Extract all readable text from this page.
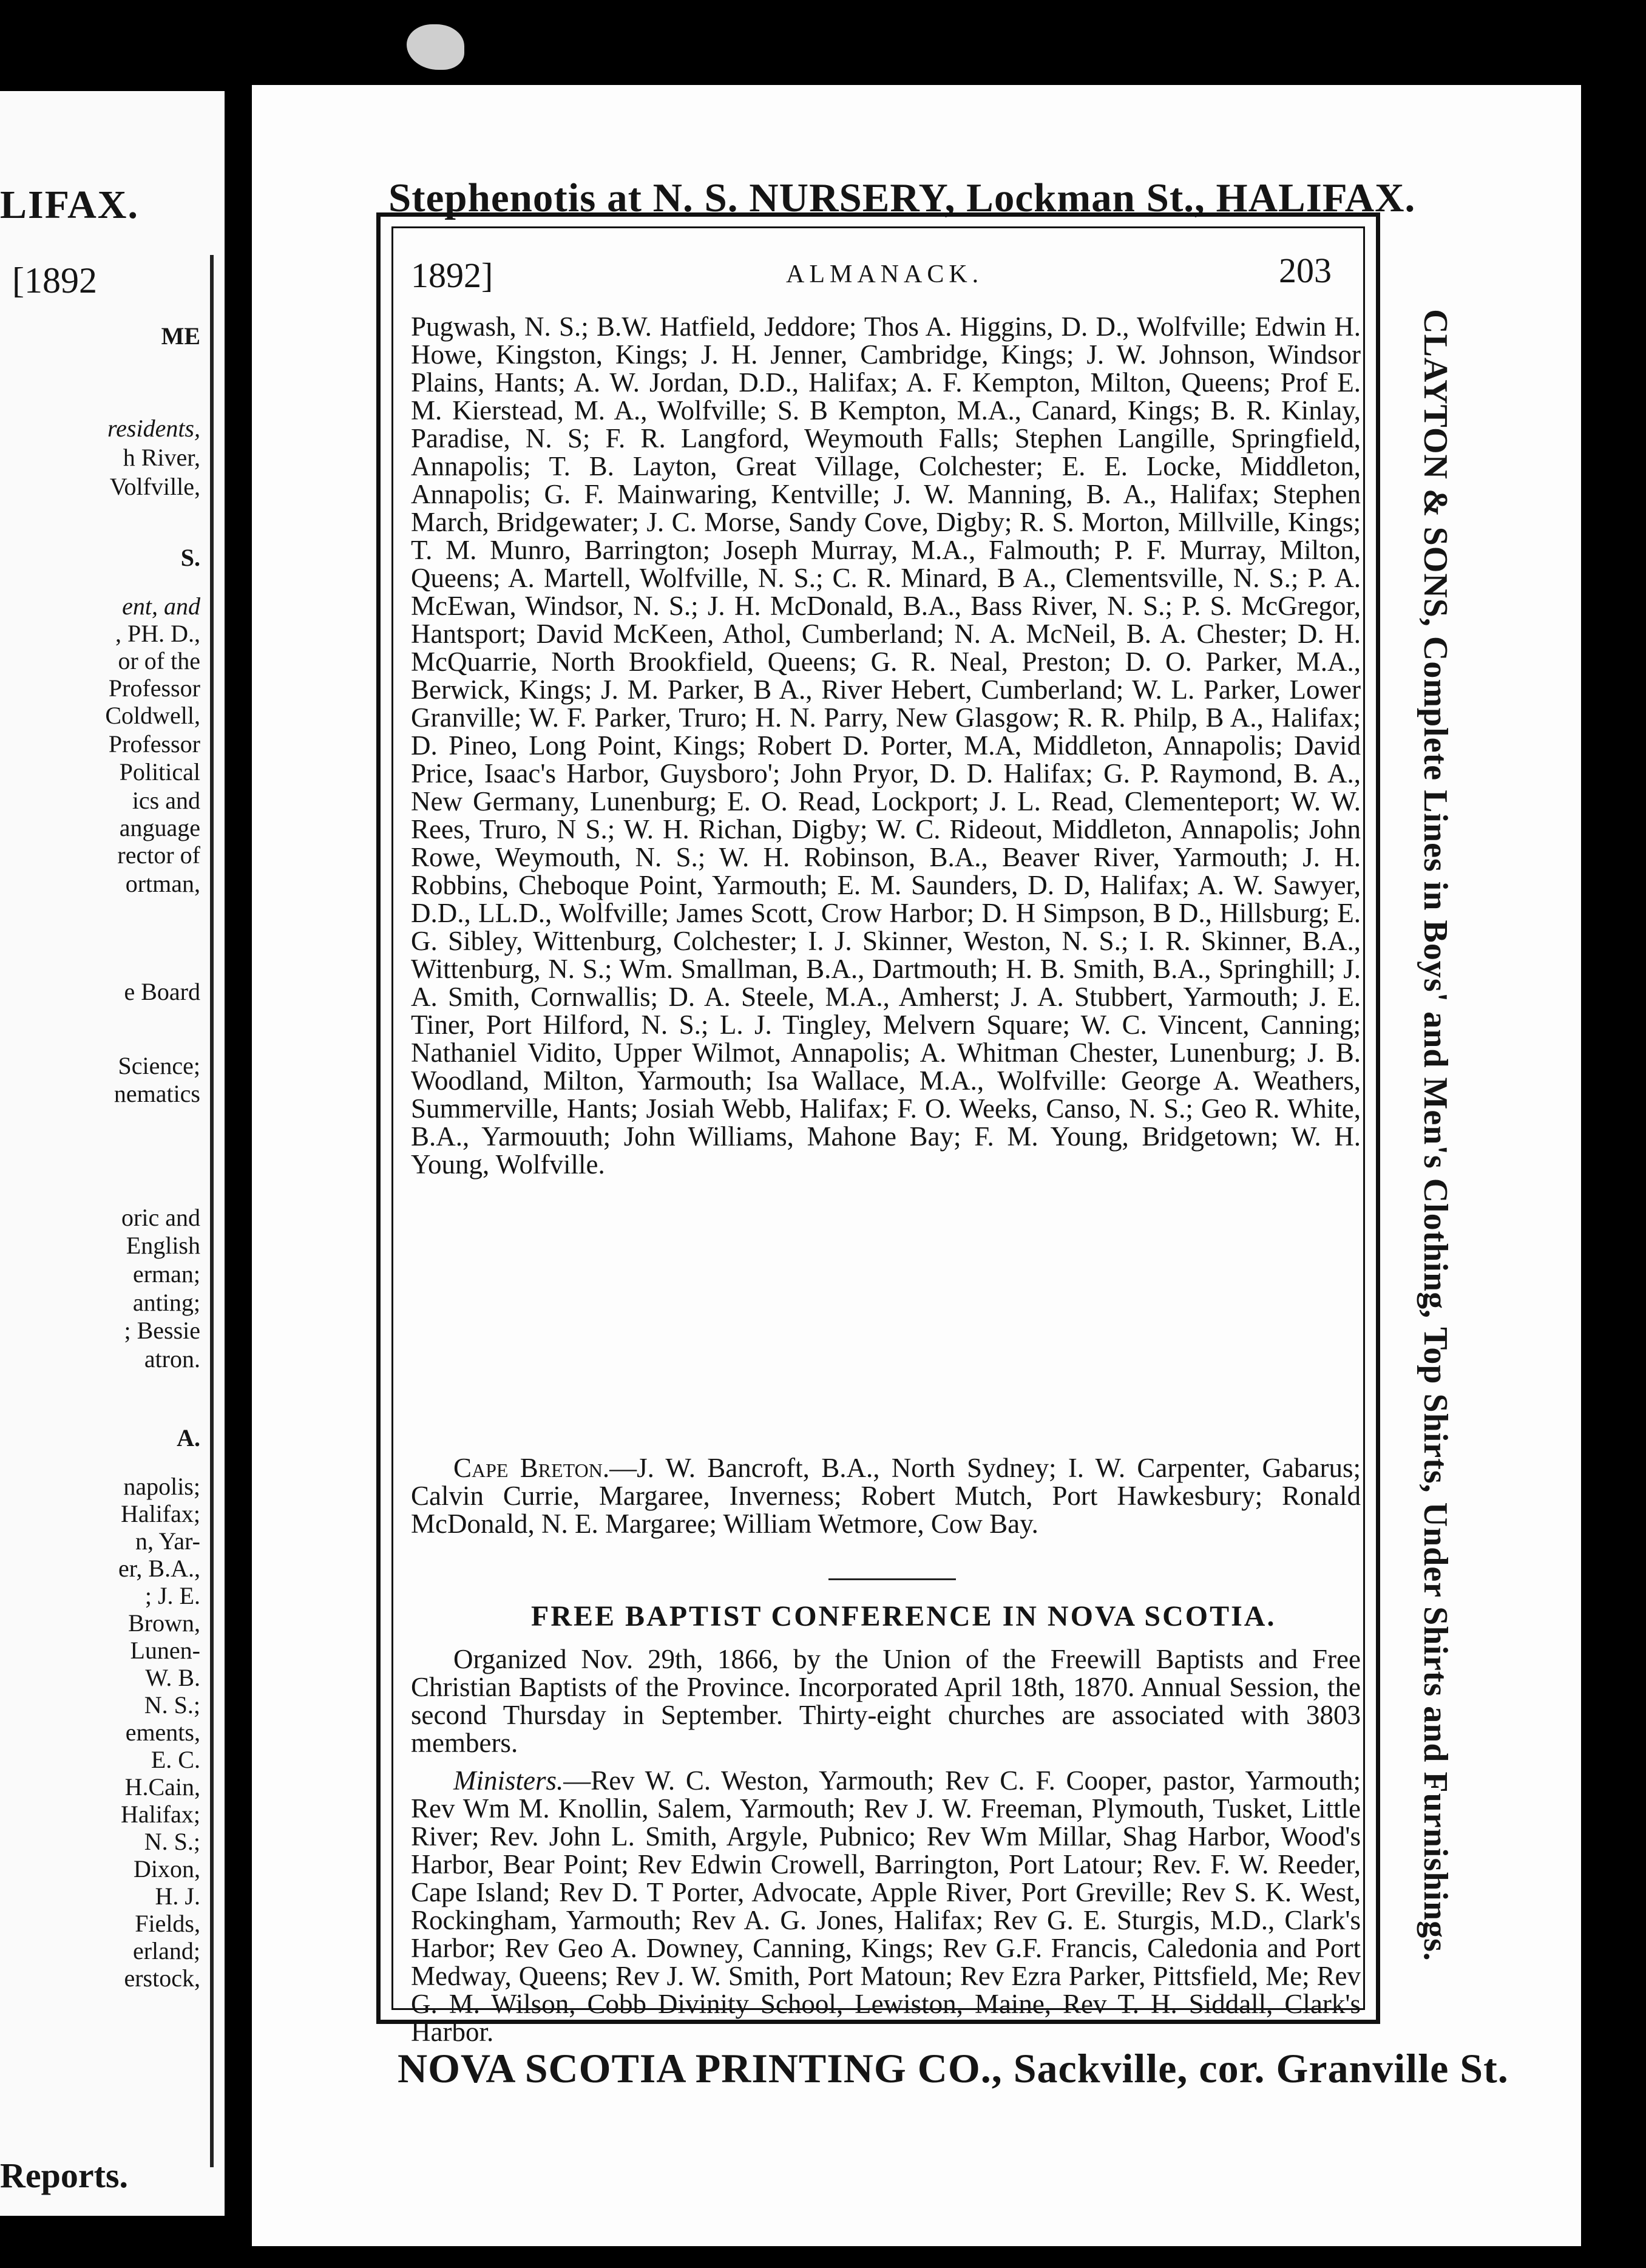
LIFAX.
[1892
ME
residents,
h River,
Volfville,
S.
ent, and
, PH. D.,
or of the
Professor
Coldwell,
Professor
Political
ics and
anguage
rector of
ortman,
e Board
Science;
nematics
oric and
English
erman;
anting;
; Bessie
atron.
A.
napolis;
Halifax;
n, Yar-
er, B.A.,
; J. E.
Brown,
Lunen-
W. B.
N. S.;
ements,
E. C.
H.Cain,
Halifax;
N. S.;
Dixon,
H. J.
Fields,
erland;
erstock,
Reports.
Stephenotis at N. S. NURSERY, Lockman St., HALIFAX.
1892]	ALMANACK.	203
Pugwash, N. S.; B.W. Hatfield, Jeddore; Thos A. Higgins, D. D., Wolfville; Edwin H. Howe, Kingston, Kings; J. H. Jenner, Cambridge, Kings; J. W. Johnson, Windsor Plains, Hants; A. W. Jordan, D.D., Halifax; A. F. Kempton, Milton, Queens; Prof E. M. Kierstead, M. A., Wolfville; S. B Kempton, M.A., Canard, Kings; B. R. Kinlay, Paradise, N. S; F. R. Langford, Weymouth Falls; Stephen Langille, Springfield, Annapolis; T. B. Layton, Great Village, Colchester; E. E. Locke, Middleton, Annapolis; G. F. Mainwaring, Kentville; J. W. Manning, B. A., Halifax; Stephen March, Bridgewater; J. C. Morse, Sandy Cove, Digby; R. S. Morton, Millville, Kings; T. M. Munro, Barrington; Joseph Murray, M.A., Falmouth; P. F. Murray, Milton, Queens; A. Martell, Wolfville, N. S.; C. R. Minard, B A., Clementsville, N. S.; P. A. McEwan, Windsor, N. S.; J. H. McDonald, B.A., Bass River, N. S.; P. S. McGregor, Hantsport; David McKeen, Athol, Cumberland; N. A. McNeil, B. A. Chester; D. H. McQuarrie, North Brookfield, Queens; G. R. Neal, Preston; D. O. Parker, M.A., Berwick, Kings; J. M. Parker, B A., River Hebert, Cumberland; W. L. Parker, Lower Granville; W. F. Parker, Truro; H. N. Parry, New Glasgow; R. R. Philp, B A., Halifax; D. Pineo, Long Point, Kings; Robert D. Porter, M.A, Middleton, Annapolis; David Price, Isaac's Harbor, Guysboro'; John Pryor, D. D. Halifax; G. P. Raymond, B. A., New Germany, Lunenburg; E. O. Read, Lockport; J. L. Read, Clementeport; W. W. Rees, Truro, N S.; W. H. Richan, Digby; W. C. Rideout, Middleton, Annapolis; John Rowe, Weymouth, N. S.; W. H. Robinson, B.A., Beaver River, Yarmouth; J. H. Robbins, Cheboque Point, Yarmouth; E. M. Saunders, D. D, Halifax; A. W. Sawyer, D.D., LL.D., Wolfville; James Scott, Crow Harbor; D. H Simpson, B D., Hillsburg; E. G. Sibley, Wittenburg, Colchester; I. J. Skinner, Weston, N. S.; I. R. Skinner, B.A., Wittenburg, N. S.; Wm. Smallman, B.A., Dartmouth; H. B. Smith, B.A., Springhill; J. A. Smith, Cornwallis; D. A. Steele, M.A., Amherst; J. A. Stubbert, Yarmouth; J. E. Tiner, Port Hilford, N. S.; L. J. Tingley, Melvern Square; W. C. Vincent, Canning; Nathaniel Vidito, Upper Wilmot, Annapolis; A. Whitman Chester, Lunenburg; J. B. Woodland, Milton, Yarmouth; Isa Wallace, M.A., Wolfville: George A. Weathers, Summerville, Hants; Josiah Webb, Halifax; F. O. Weeks, Canso, N. S.; Geo R. White, B.A., Yarmouuth; John Williams, Mahone Bay; F. M. Young, Bridgetown; W. H. Young, Wolfville.
Cape Breton.—J. W. Bancroft, B.A., North Sydney; I. W. Carpenter, Gabarus; Calvin Currie, Margaree, Inverness; Robert Mutch, Port Hawkesbury; Ronald McDonald, N. E. Margaree; William Wetmore, Cow Bay.
FREE BAPTIST CONFERENCE IN NOVA SCOTIA.
Organized Nov. 29th, 1866, by the Union of the Freewill Baptists and Free Christian Baptists of the Province. Incorporated April 18th, 1870. Annual Session, the second Thursday in September. Thirty-eight churches are associated with 3803 members.
Ministers.—Rev W. C. Weston, Yarmouth; Rev C. F. Cooper, pastor, Yarmouth; Rev Wm M. Knollin, Salem, Yarmouth; Rev J. W. Freeman, Plymouth, Tusket, Little River; Rev. John L. Smith, Argyle, Pubnico; Rev Wm Millar, Shag Harbor, Wood's Harbor, Bear Point; Rev Edwin Crowell, Barrington, Port Latour; Rev. F. W. Reeder, Cape Island; Rev D. T Porter, Advocate, Apple River, Port Greville; Rev S. K. West, Rockingham, Yarmouth; Rev A. G. Jones, Halifax; Rev G. E. Sturgis, M.D., Clark's Harbor; Rev Geo A. Downey, Canning, Kings; Rev G.F. Francis, Caledonia and Port Medway, Queens; Rev J. W. Smith, Port Matoun; Rev Ezra Parker, Pittsfield, Me; Rev G. M. Wilson, Cobb Divinity School, Lewiston, Maine, Rev T. H. Siddall, Clark's Harbor.
CLAYTON & SONS, Complete Lines in Boys' and Men's Clothing, Top Shirts, Under Shirts and Furnishings.
NOVA SCOTIA PRINTING CO., Sackville, cor. Granville St.
